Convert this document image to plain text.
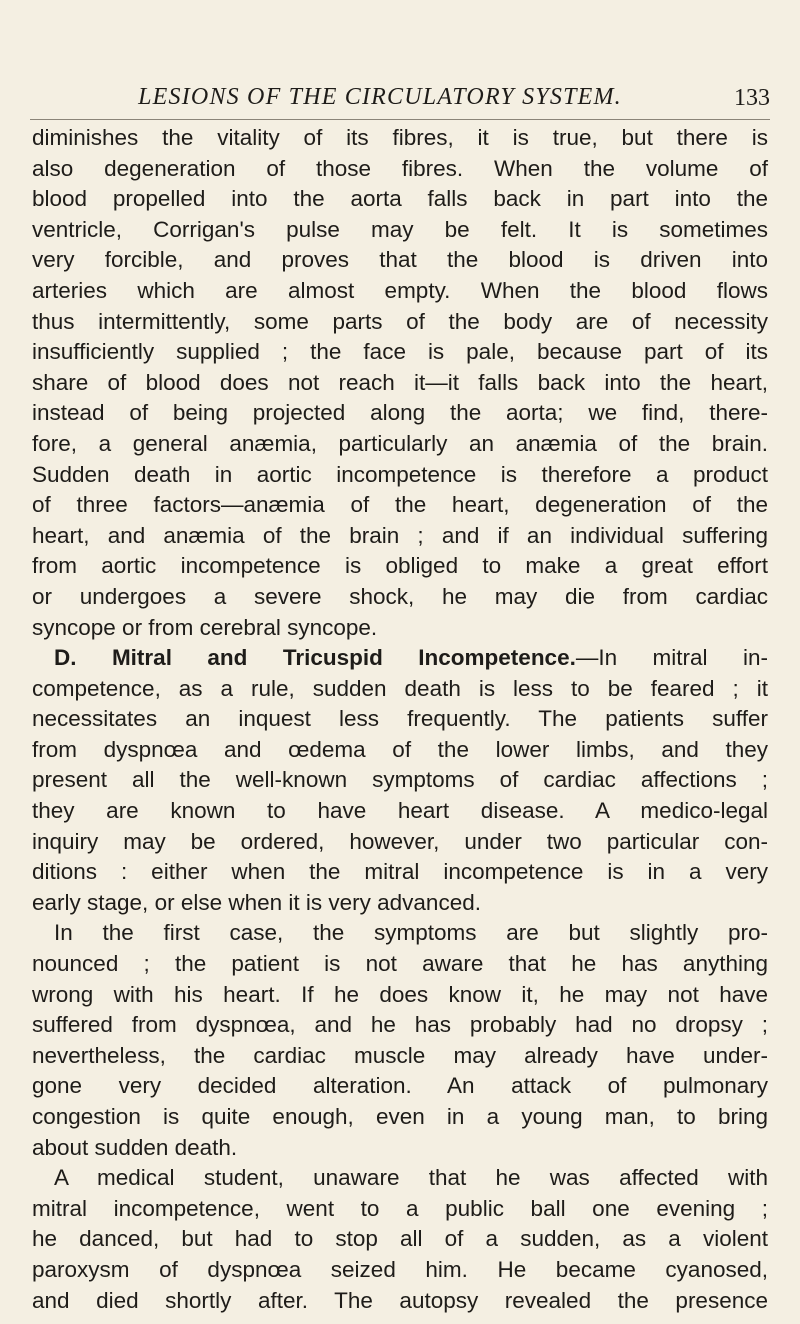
LESIONS OF THE CIRCULATORY SYSTEM.	133
diminishes the vitality of its fibres, it is true, but there is
also degeneration of those fibres. When the volume of
blood propelled into the aorta falls back in part into the
ventricle, Corrigan's pulse may be felt. It is sometimes
very forcible, and proves that the blood is driven into
arteries which are almost empty. When the blood flows
thus intermittently, some parts of the body are of necessity
insufficiently supplied ; the face is pale, because part of its
share of blood does not reach it—it falls back into the heart,
instead of being projected along the aorta; we find, there-
fore, a general anæmia, particularly an anæmia of the brain.
Sudden death in aortic incompetence is therefore a product
of three factors—anæmia of the heart, degeneration of the
heart, and anæmia of the brain ; and if an individual suffering
from aortic incompetence is obliged to make a great effort
or undergoes a severe shock, he may die from cardiac
syncope or from cerebral syncope.
D. Mitral and Tricuspid Incompetence.—In mitral in-
competence, as a rule, sudden death is less to be feared ; it
necessitates an inquest less frequently. The patients suffer
from dyspnœa and œdema of the lower limbs, and they
present all the well-known symptoms of cardiac affections ;
they are known to have heart disease. A medico-legal
inquiry may be ordered, however, under two particular con-
ditions : either when the mitral incompetence is in a very
early stage, or else when it is very advanced.
In the first case, the symptoms are but slightly pro-
nounced ; the patient is not aware that he has anything
wrong with his heart. If he does know it, he may not have
suffered from dyspnœa, and he has probably had no dropsy ;
nevertheless, the cardiac muscle may already have under-
gone very decided alteration. An attack of pulmonary
congestion is quite enough, even in a young man, to bring
about sudden death.
A medical student, unaware that he was affected with
mitral incompetence, went to a public ball one evening ;
he danced, but had to stop all of a sudden, as a violent
paroxysm of dyspnœa seized him. He became cyanosed,
and died shortly after. The autopsy revealed the presence
